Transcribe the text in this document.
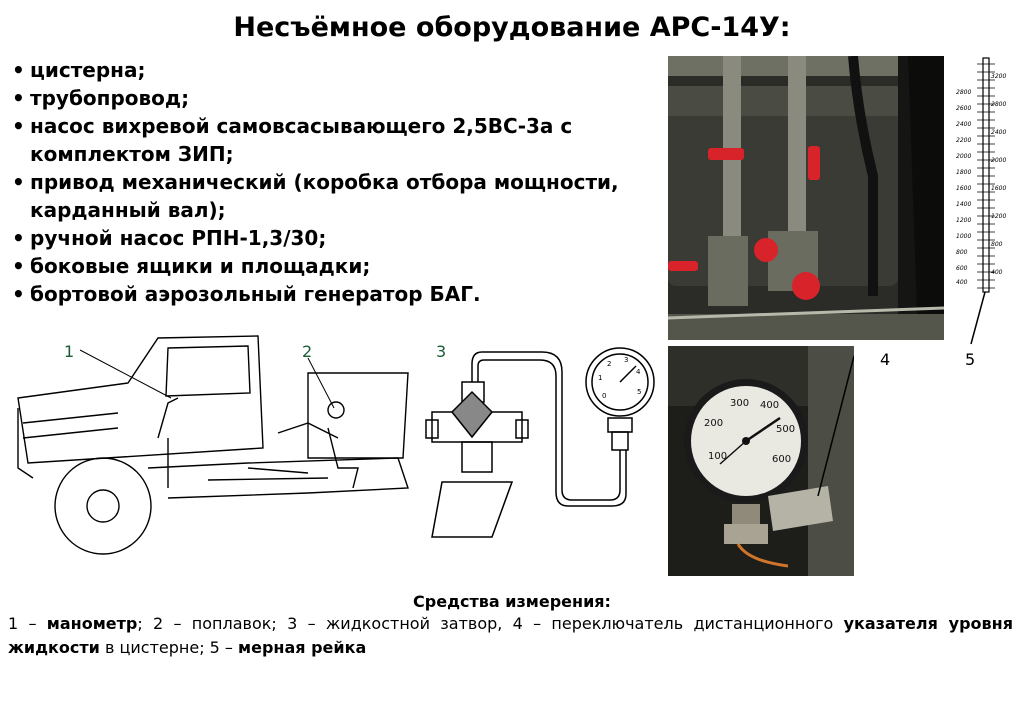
Несъёмное оборудование АРС-14У:
• цистерна;
• трубопровод;
• насос вихревой самовсасывающего 2,5ВС-3а с комплектом ЗИП;
• привод механический (коробка отбора мощности, карданный вал);
• ручной насос РПН-1,3/30;
• боковые ящики и площадки;
• бортовой аэрозольный генератор БАГ.
2800
2600
2400
2200
2000
1800
1600
1400
1200
1000
800
600
400
3200
2800
2400
2000
1600
1200
800
400
5
1	2
0
1
2 3
4
5
3
100
200
300 400
500
600
4
Средства измерения:
1 – манометр; 2 – поплавок; 3 – жидкостной затвор, 4 – переключатель дистанционного указателя уровня жидкости в цистерне; 5 – мерная рейка
